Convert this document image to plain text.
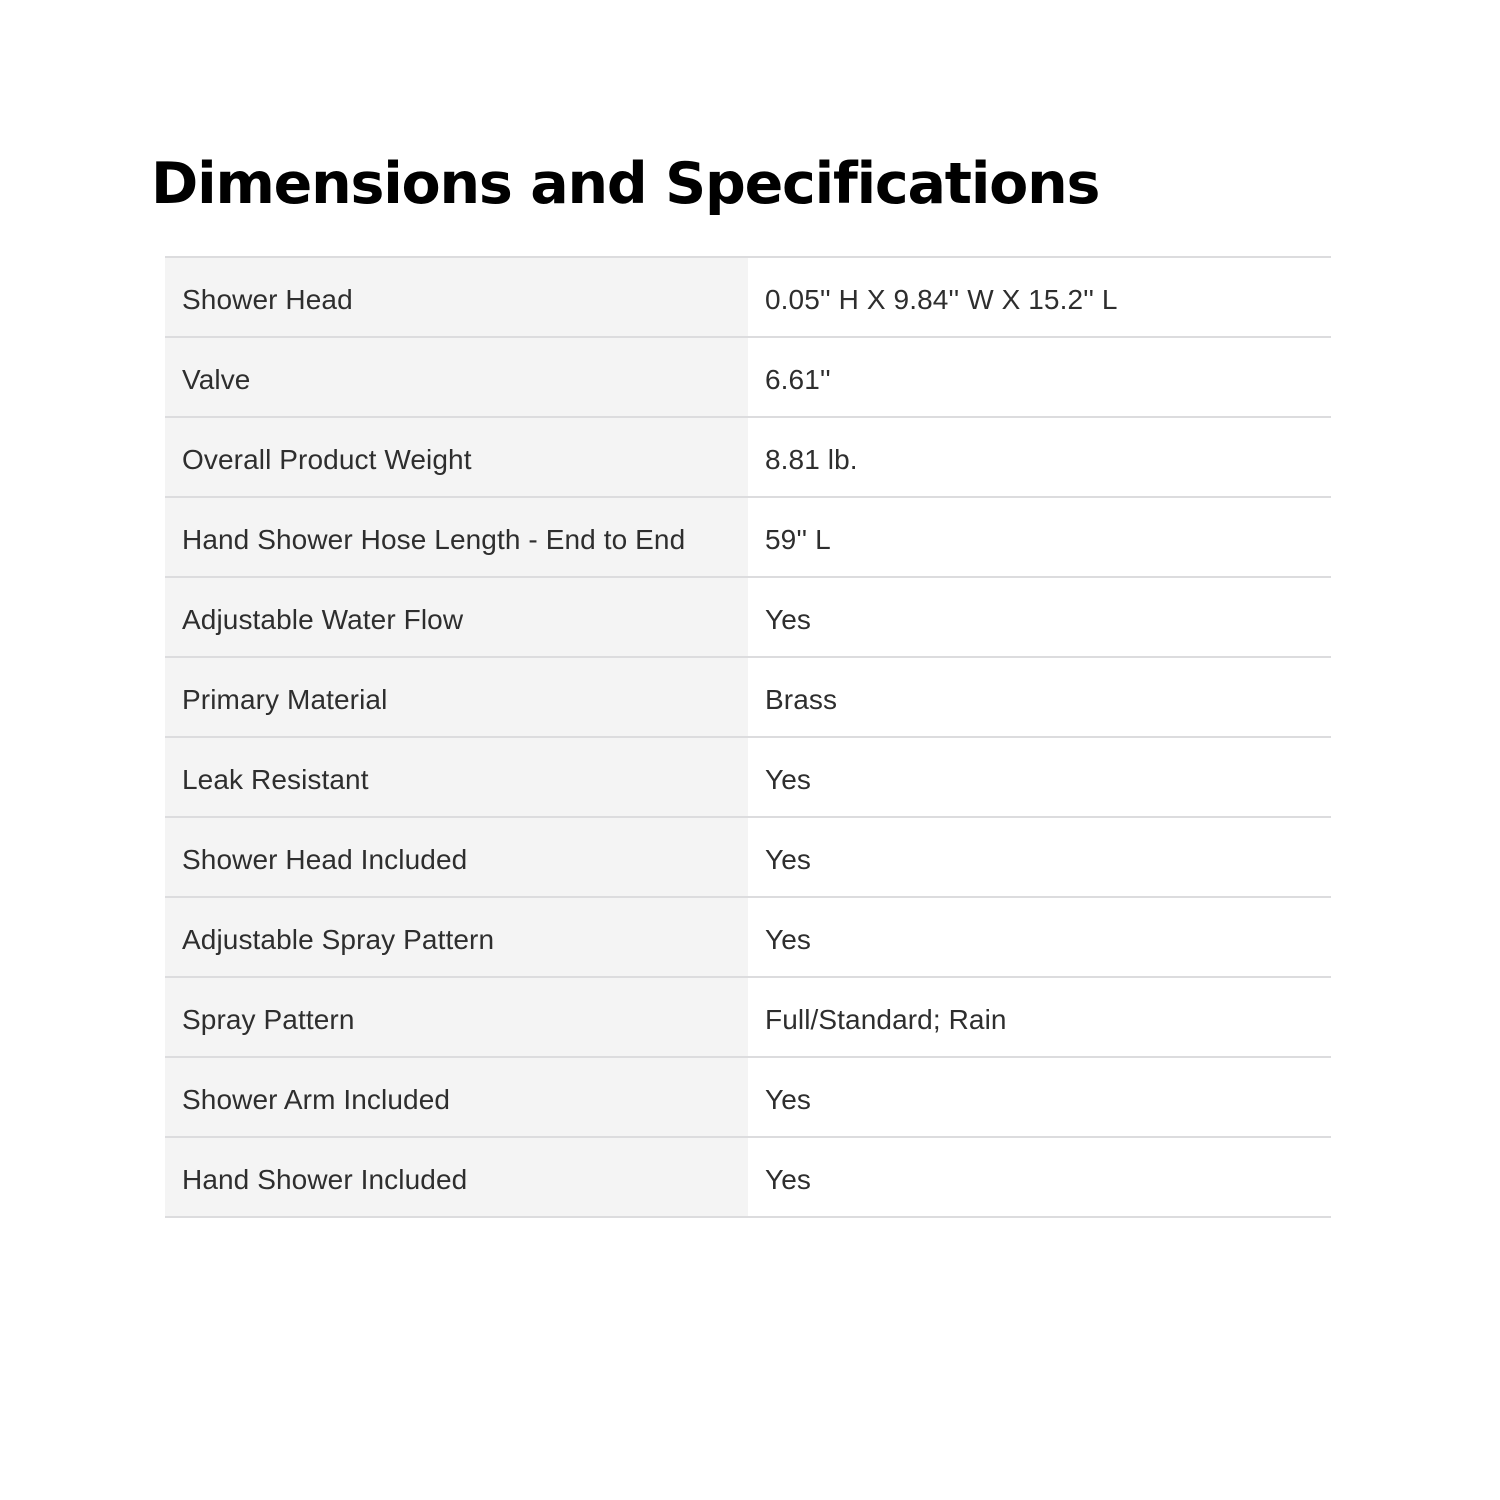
Dimensions and Specifications
Shower Head	0.05'' H X 9.84'' W X 15.2'' L
Valve	6.61''
Overall Product Weight	8.81 lb.
Hand Shower Hose Length - End to End	59'' L
Adjustable Water Flow	Yes
Primary Material	Brass
Leak Resistant	Yes
Shower Head Included	Yes
Adjustable Spray Pattern	Yes
Spray Pattern	Full/Standard; Rain
Shower Arm Included	Yes
Hand Shower Included	Yes
